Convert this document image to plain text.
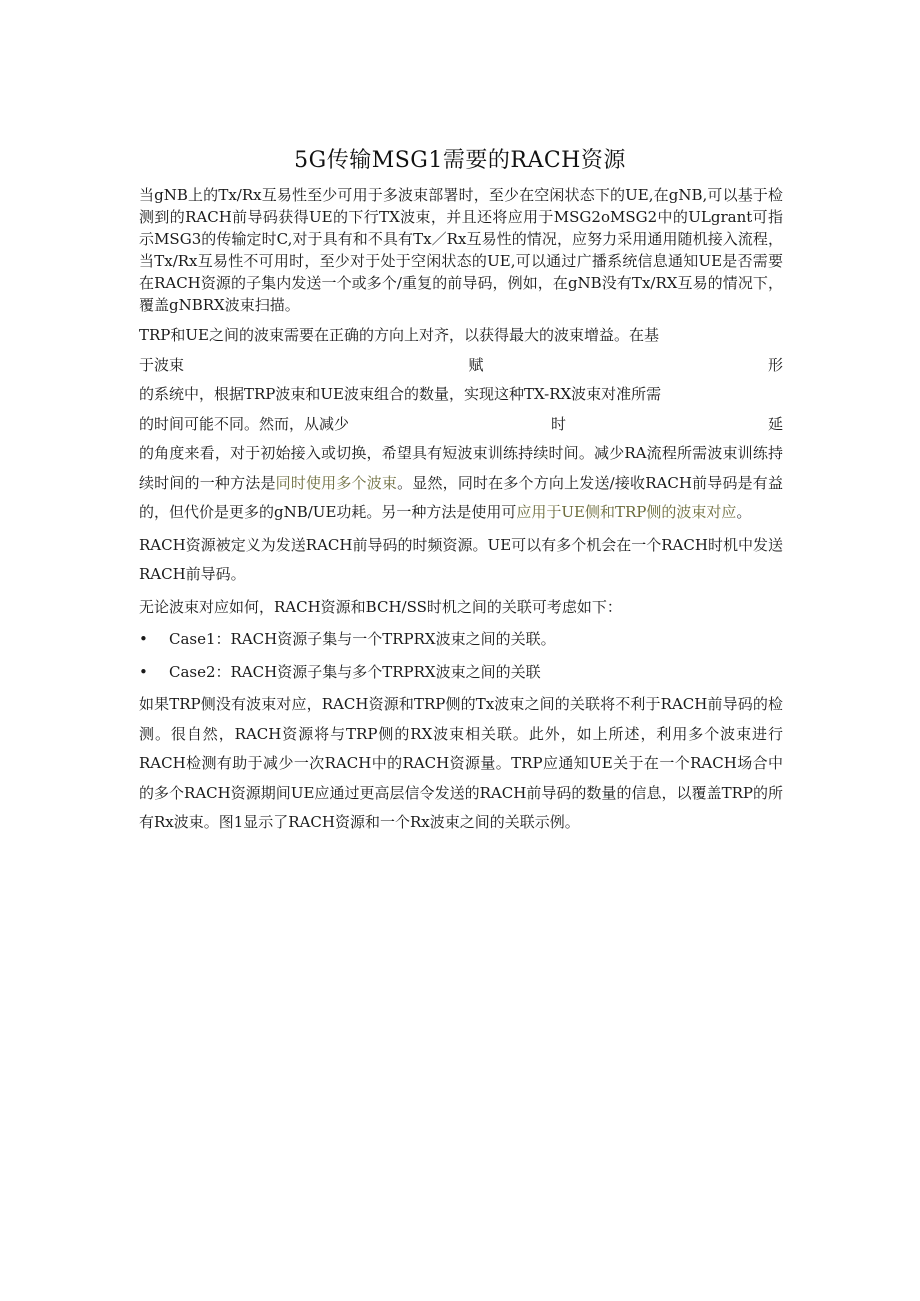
5G传输MSG1需要的RACH资源

当gNB上的Tx/Rx互易性至少可用于多波束部署时，至少在空闲状态下的UE,在gNB,可以基于检测到的RACH前导码获得UE的下行TX波束，并且还将应用于MSG2oMSG2中的ULgrant可指示MSG3的传输定时C,对于具有和不具有Tx／Rx互易性的情况，应努力采用通用随机接入流程，当Tx/Rx互易性不可用时，至少对于处于空闲状态的UE,可以通过广播系统信息通知UE是否需要在RACH资源的子集内发送一个或多个/重复的前导码，例如，在gNB没有Tx/RX互易的情况下，覆盖gNBRX波束扫描。

TRP和UE之间的波束需要在正确的方向上对齐，以获得最大的波束增益。在基
于波束	赋	形
的系统中，根据TRP波束和UE波束组合的数量，实现这种TX-RX波束对准所需
的时间可能不同。然而，从减少	时	延

的角度来看，对于初始接入或切换，希望具有短波束训练持续时间。减少RA流程所需波束训练持续时间的一种方法是同时使用多个波束。显然，同时在多个方向上发送/接收RACH前导码是有益的，但代价是更多的gNB/UE功耗。另一种方法是使用可应用于UE侧和TRP侧的波束对应。

RACH资源被定义为发送RACH前导码的时频资源。UE可以有多个机会在一个RACH时机中发送RACH前导码。

无论波束对应如何，RACH资源和BCH/SS时机之间的关联可考虑如下：

•	Case1：RACH资源子集与一个TRPRX波束之间的关联。
•	Case2：RACH资源子集与多个TRPRX波束之间的关联

如果TRP侧没有波束对应，RACH资源和TRP侧的Tx波束之间的关联将不利于RACH前导码的检测。很自然，RACH资源将与TRP侧的RX波束相关联。此外，如上所述，利用多个波束进行RACH检测有助于减少一次RACH中的RACH资源量。TRP应通知UE关于在一个RACH场合中的多个RACH资源期间UE应通过更高层信令发送的RACH前导码的数量的信息，以覆盖TRP的所有Rx波束。图1显示了RACH资源和一个Rx波束之间的关联示例。
